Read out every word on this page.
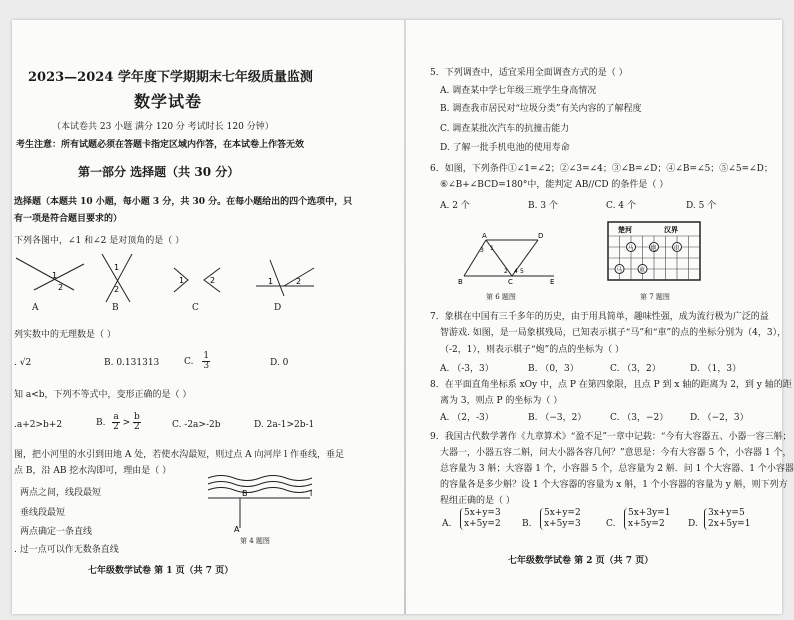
2023—2024 学年度下学期期末七年级质量监测
数学试卷
（本试卷共 23 小题 满分 120 分 考试时长 120 分钟）
考生注意：所有试题必须在答题卡指定区域内作答，在本试卷上作答无效
第一部分 选择题（共 30 分）
选择题（本题共 10 小题，每小题 3 分，共 30 分。在每小题给出的四个选项中，只
有一项是符合题目要求的）
下列各图中，∠1 和∠2 是对顶角的是（ ）
1
2
1
2
1	2	1	2
A	B	C	D
列实数中的无理数是（ ）
. √2	B. 0.131313	C. $\frac{1}{3}$	D. 0
知 a<b，下列不等式中，变形正确的是（ ）
.a+2>b+2	B. $\frac{a}{2} > \frac{b}{2}$	C. -2a>-2b	D. 2a-1>2b-1
图，把小河里的水引到田地 A 处，若使水沟最短，则过点 A 向河岸 l 作垂线，垂足
点 B，沿 AB 挖水沟即可，理由是（ ）
两点之间，线段最短
垂线段最短
两点确定一条直线
. 过一点可以作无数条直线
l
B
A
第 4 题图
七年级数学试卷 第 1 页（共 7 页）
5．下列调查中，适宜采用全面调查方式的是（ ）
A. 调查某中学七年级三班学生身高情况
B. 调查我市居民对“垃圾分类”有关内容的了解程度
C. 调查某批次汽车的抗撞击能力
D. 了解一批手机电池的使用寿命
6．如图，下列条件①∠1=∠2；②∠3=∠4；③∠B=∠D；④∠B=∠5；⑤∠5=∠D；
⑥∠B+∠BCD=180°中，能判定 AB//CD 的条件是（ ）
A. 2 个	B. 3 个	C. 4 个	D. 5 个
A	D
B	C	E
3 1
2 4 5
第 6 题图
楚河	汉界
马	炮	車
马	車
第 7 题图
7．象棋在中国有三千多年的历史，由于用具简单，趣味性强，成为流行极为广泛的益
智游戏. 如图，是一局象棋残局，已知表示棋子“马”和“車”的点的坐标分别为（4，3），
（-2，1），则表示棋子“炮”的点的坐标为（ ）
A. （-3，3）	B. （0，3）	C. （3，2）	D. （1，3）
8．在平面直角坐标系 xOy 中，点 P 在第四象限，且点 P 到 x 轴的距离为 2，到 y 轴的距
离为 3，则点 P 的坐标为（ ）
A. （2，-3）	B. （−3，2）	C. （3，−2） D. （−2，3）
9．我国古代数学著作《九章算术》“盈不足”一章中记载：“今有大容器五、小器一容三斛；
大器一，小器五容二斛，问大小器各容几何？”意思是：今有大容器 5 个，小容器 1 个，
总容量为 3 斛；大容器 1 个，小容器 5 个，总容量为 2 斛．问 1 个大容器、1 个小容器
的容量各是多少斛？设 1 个大容器的容量为 x 斛，1 个小容器的容量为 y 斛，则下列方
程组正确的是（ ）
A.
5x+y=3
x+5y=2 B.
5x+y=2
x+5y=3	C.
5x+3y=1
x+5y=2	D.
3x+y=5
2x+5y=1
七年级数学试卷 第 2 页（共 7 页）
